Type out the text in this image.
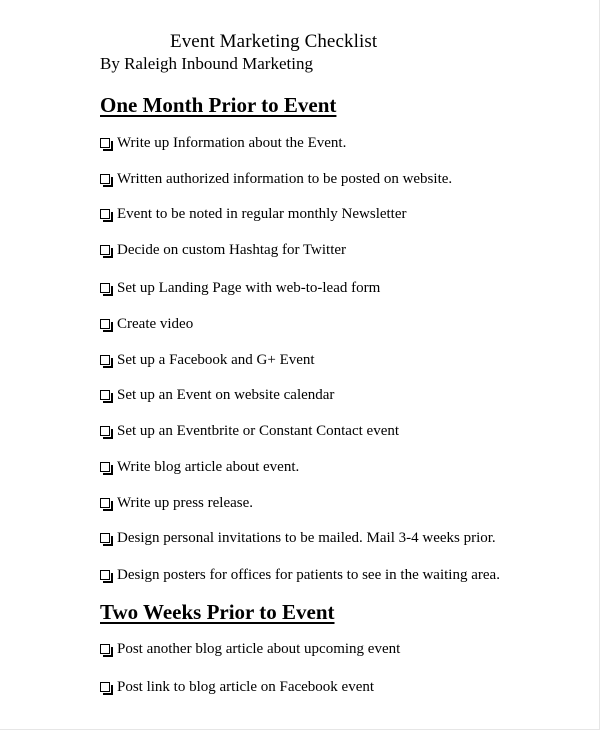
Event Marketing Checklist
By Raleigh Inbound Marketing
One Month Prior to Event
Write up Information about the Event.
Written authorized information to be posted on website.
Event to be noted in regular monthly Newsletter
Decide on custom Hashtag for Twitter
Set up Landing Page with web-to-lead form
Create video
Set up a Facebook and G+ Event
Set up an Event on website calendar
Set up an Eventbrite or Constant Contact event
Write blog article about event.
Write up press release.
Design personal invitations to be mailed. Mail 3-4 weeks prior.
Design posters for offices for patients to see in the waiting area.
Two Weeks Prior to Event
Post another blog article about upcoming event
Post link to blog article on Facebook event
